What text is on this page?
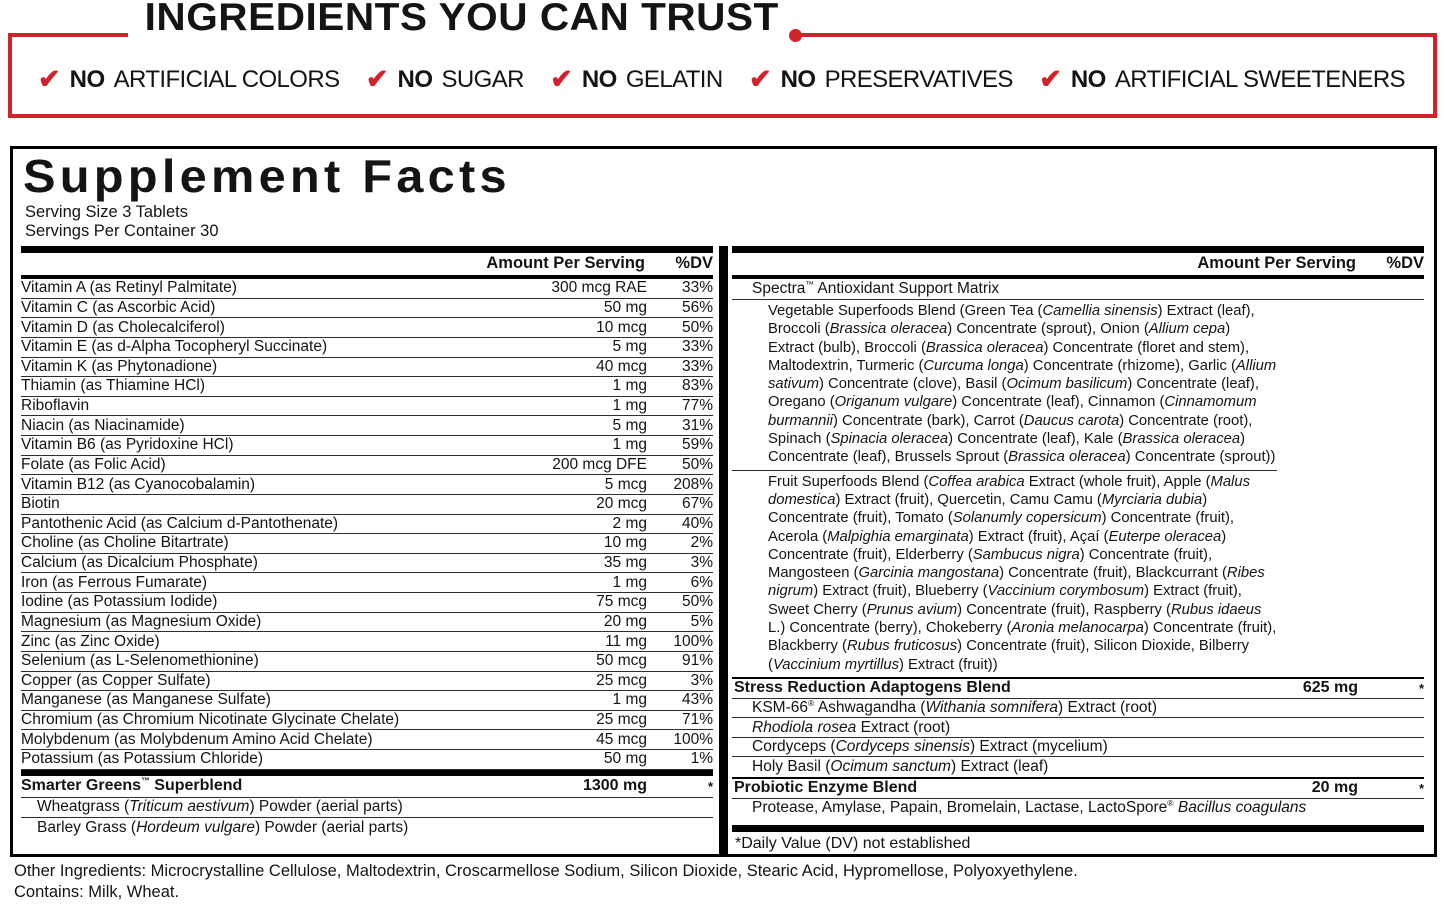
✔ NO ARTIFICIAL COLORS ✔ NO SUGAR ✔ NO GELATIN ✔ NO PRESERVATIVES ✔ NO ARTIFICIAL SWEETENERS
INGREDIENTS YOU CAN TRUST
Supplement Facts
Serving Size 3 Tablets
Servings Per Container 30
Amount Per Serving	%DV
Vitamin A (as Retinyl Palmitate)	300 mcg RAE	33%
Vitamin C (as Ascorbic Acid)	50 mg	56%
Vitamin D (as Cholecalciferol)	10 mcg	50%
Vitamin E (as d-Alpha Tocopheryl Succinate)	5 mg	33%
Vitamin K (as Phytonadione)	40 mcg	33%
Thiamin (as Thiamine HCl)	1 mg	83%
Riboflavin	1 mg	77%
Niacin (as Niacinamide)	5 mg	31%
Vitamin B6 (as Pyridoxine HCl)	1 mg	59%
Folate (as Folic Acid)	200 mcg DFE	50%
Vitamin B12 (as Cyanocobalamin)	5 mcg	208%
Biotin	20 mcg	67%
Pantothenic Acid (as Calcium d-Pantothenate)	2 mg	40%
Choline (as Choline Bitartrate)	10 mg	2%
Calcium (as Dicalcium Phosphate)	35 mg	3%
Iron (as Ferrous Fumarate)	1 mg	6%
Iodine (as Potassium Iodide)	75 mcg	50%
Magnesium (as Magnesium Oxide)	20 mg	5%
Zinc (as Zinc Oxide)	11 mg	100%
Selenium (as L-Selenomethionine)	50 mcg	91%
Copper (as Copper Sulfate)	25 mcg	3%
Manganese (as Manganese Sulfate)	1 mg	43%
Chromium (as Chromium Nicotinate Glycinate Chelate)	25 mcg	71%
Molybdenum (as Molybdenum Amino Acid Chelate)	45 mcg	100%
Potassium (as Potassium Chloride)	50 mg	1%
Smarter Greens™ Superblend	1300 mg	*
Wheatgrass (Triticum aestivum) Powder (aerial parts)
Barley Grass (Hordeum vulgare) Powder (aerial parts)
Amount Per Serving	%DV
Spectra™ Antioxidant Support Matrix
Vegetable Superfoods Blend (Green Tea (Camellia sinensis) Extract (leaf), Broccoli (Brassica oleracea) Concentrate (sprout), Onion (Allium cepa) Extract (bulb), Broccoli (Brassica oleracea) Concentrate (floret and stem), Maltodextrin, Turmeric (Curcuma longa) Concentrate (rhizome), Garlic (Allium sativum) Concentrate (clove), Basil (Ocimum basilicum) Concentrate (leaf), Oregano (Origanum vulgare) Concentrate (leaf), Cinnamon (Cinnamomum burmannii) Concentrate (bark), Carrot (Daucus carota) Concentrate (root), Spinach (Spinacia oleracea) Concentrate (leaf), Kale (Brassica oleracea) Concentrate (leaf), Brussels Sprout (Brassica oleracea) Concentrate (sprout))
Fruit Superfoods Blend (Coffea arabica Extract (whole fruit), Apple (Malus domestica) Extract (fruit), Quercetin, Camu Camu (Myrciaria dubia) Concentrate (fruit), Tomato (Solanumly copersicum) Concentrate (fruit), Acerola (Malpighia emarginata) Extract (fruit), Açaí (Euterpe oleracea) Concentrate (fruit), Elderberry (Sambucus nigra) Concentrate (fruit), Mangosteen (Garcinia mangostana) Concentrate (fruit), Blackcurrant (Ribes nigrum) Extract (fruit), Blueberry (Vaccinium corymbosum) Extract (fruit), Sweet Cherry (Prunus avium) Concentrate (fruit), Raspberry (Rubus idaeus L.) Concentrate (berry), Chokeberry (Aronia melanocarpa) Concentrate (fruit), Blackberry (Rubus fruticosus) Concentrate (fruit), Silicon Dioxide, Bilberry (Vaccinium myrtillus) Extract (fruit))
Stress Reduction Adaptogens Blend	625 mg	*
KSM-66® Ashwagandha (Withania somnifera) Extract (root)
Rhodiola rosea Extract (root)
Cordyceps (Cordyceps sinensis) Extract (mycelium)
Holy Basil (Ocimum sanctum) Extract (leaf)
Probiotic Enzyme Blend	20 mg	*
Protease, Amylase, Papain, Bromelain, Lactase, LactoSpore® Bacillus coagulans
*Daily Value (DV) not established
Other Ingredients: Microcrystalline Cellulose, Maltodextrin, Croscarmellose Sodium, Silicon Dioxide, Stearic Acid, Hypromellose, Polyoxyethylene.
Contains: Milk, Wheat.
